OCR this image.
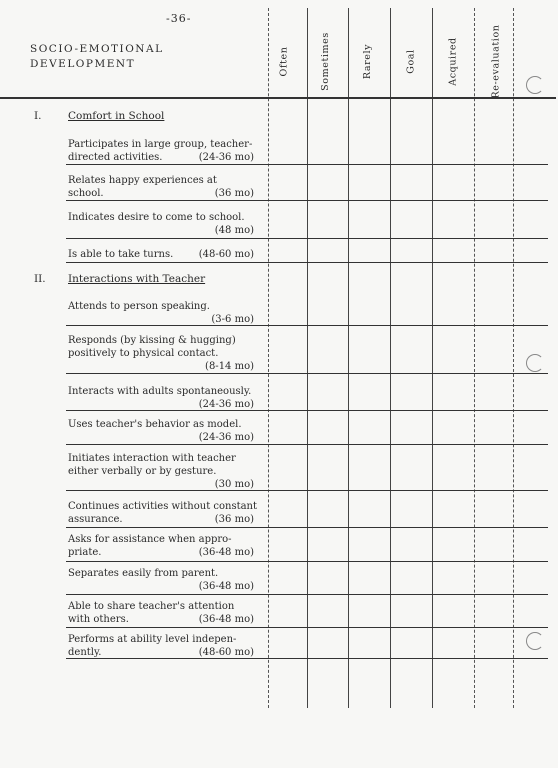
-36-
SOCIO-EMOTIONAL
DEVELOPMENT	Often	Sometimes	Rarely	Goal	Acquired	Re-evaluation
I.	Comfort in School
Participates in large group, teacher-
directed activities.	(24-36 mo)
Relates happy experiences at
school.	(36 mo)
Indicates desire to come to school.
(48 mo)
Is able to take turns.	(48-60 mo)
II. Interactions with Teacher
Attends to person speaking.
(3-6 mo)
Responds (by kissing & hugging)
positively to physical contact.
(8-14 mo)
Interacts with adults spontaneously.
(24-36 mo)
Uses teacher's behavior as model.
(24-36 mo)
Initiates interaction with teacher
either verbally or by gesture.
(30 mo)
Continues activities without constant
assurance.	(36 mo)
Asks for assistance when appro-
priate.	(36-48 mo)
Separates easily from parent.
(36-48 mo)
Able to share teacher's attention
with others.	(36-48 mo)
Performs at ability level indepen-
dently.	(48-60 mo)
